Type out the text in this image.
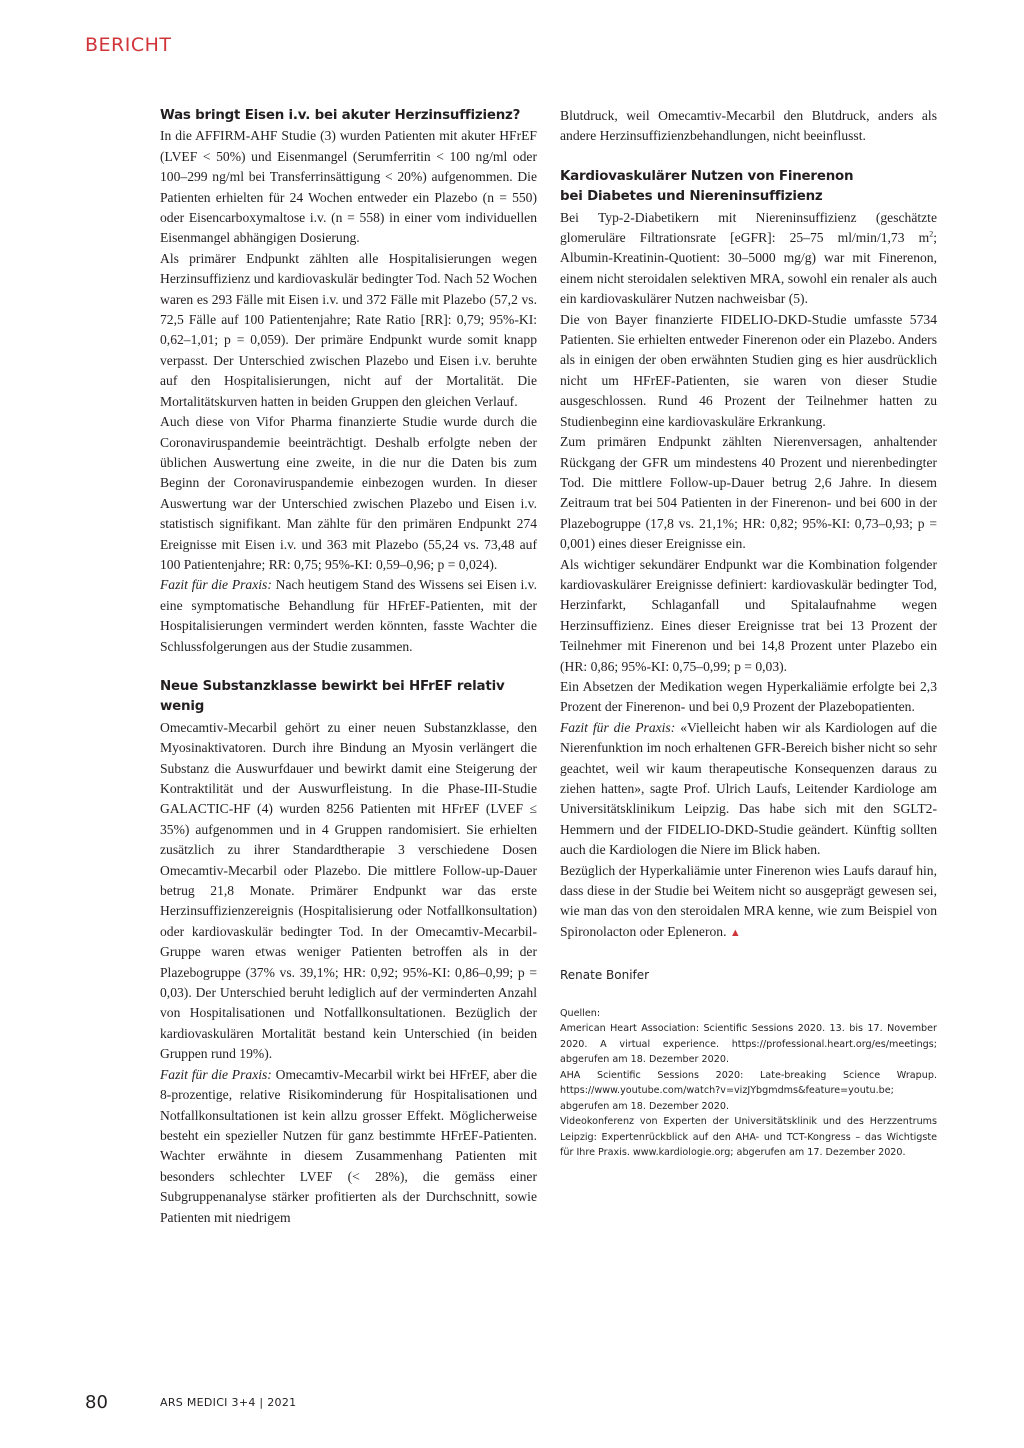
BERICHT
Was bringt Eisen i.v. bei akuter Herzinsuffizienz?

In die AFFIRM-AHF Studie (3) wurden Patienten mit akuter HFrEF (LVEF < 50%) und Eisenmangel (Serumferritin < 100 ng/ml oder 100–299 ng/ml bei Transferrinsättigung < 20%) aufgenommen. Die Patienten erhielten für 24 Wochen entweder ein Plazebo (n = 550) oder Eisencarboxymaltose i.v. (n = 558) in einer vom individuellen Eisenmangel abhängigen Dosierung.

Als primärer Endpunkt zählten alle Hospitalisierungen wegen Herzinsuffizienz und kardiovaskulär bedingter Tod. Nach 52 Wochen waren es 293 Fälle mit Eisen i.v. und 372 Fälle mit Plazebo (57,2 vs. 72,5 Fälle auf 100 Patientenjahre; Rate Ratio [RR]: 0,79; 95%-KI: 0,62–1,01; p = 0,059). Der primäre Endpunkt wurde somit knapp verpasst. Der Unterschied zwischen Plazebo und Eisen i.v. beruhte auf den Hospitalisierungen, nicht auf der Mortalität. Die Mortalitätskurven hatten in beiden Gruppen den gleichen Verlauf.

Auch diese von Vifor Pharma finanzierte Studie wurde durch die Coronaviruspandemie beeinträchtigt. Deshalb erfolgte neben der üblichen Auswertung eine zweite, in die nur die Daten bis zum Beginn der Coronaviruspandemie einbezogen wurden. In dieser Auswertung war der Unterschied zwischen Plazebo und Eisen i.v. statistisch signifikant. Man zählte für den primären Endpunkt 274 Ereignisse mit Eisen i.v. und 363 mit Plazebo (55,24 vs. 73,48 auf 100 Patientenjahre; RR: 0,75; 95%-KI: 0,59–0,96; p = 0,024).

Fazit für die Praxis: Nach heutigem Stand des Wissens sei Eisen i.v. eine symptomatische Behandlung für HFrEF-Patienten, mit der Hospitalisierungen vermindert werden könnten, fasste Wachter die Schlussfolgerungen aus der Studie zusammen.

Neue Substanzklasse bewirkt bei HFrEF relativ wenig

Omecamtiv-Mecarbil gehört zu einer neuen Substanzklasse, den Myosinaktivatoren. Durch ihre Bindung an Myosin verlängert die Substanz die Auswurfdauer und bewirkt damit eine Steigerung der Kontraktilität und der Auswurfleistung. In die Phase-III-Studie GALACTIC-HF (4) wurden 8256 Patienten mit HFrEF (LVEF ≤ 35%) aufgenommen und in 4 Gruppen randomisiert. Sie erhielten zusätzlich zu ihrer Standardtherapie 3 verschiedene Dosen Omecamtiv-Mecarbil oder Plazebo. Die mittlere Follow-up-Dauer betrug 21,8 Monate. Primärer Endpunkt war das erste Herzinsuffizienzereignis (Hospitalisierung oder Notfallkonsultation) oder kardiovaskulär bedingter Tod. In der Omecamtiv-Mecarbil-Gruppe waren etwas weniger Patienten betroffen als in der Plazebogruppe (37% vs. 39,1%; HR: 0,92; 95%-KI: 0,86–0,99; p = 0,03). Der Unterschied beruht lediglich auf der verminderten Anzahl von Hospitalisationen und Notfallkonsultationen. Bezüglich der kardiovaskulären Mortalität bestand kein Unterschied (in beiden Gruppen rund 19%).

Fazit für die Praxis: Omecamtiv-Mecarbil wirkt bei HFrEF, aber die 8-prozentige, relative Risikominderung für Hospitalisationen und Notfallkonsultationen ist kein allzu grosser Effekt. Möglicherweise besteht ein spezieller Nutzen für ganz bestimmte HFrEF-Patienten. Wachter erwähnte in diesem Zusammenhang Patienten mit besonders schlechter LVEF (< 28%), die gemäss einer Subgruppenanalyse stärker profitierten als der Durchschnitt, sowie Patienten mit niedrigem

Blutdruck, weil Omecamtiv-Mecarbil den Blutdruck, anders als andere Herzinsuffizienzbehandlungen, nicht beeinflusst.

Kardiovaskulärer Nutzen von Finerenon
bei Diabetes und Niereninsuffizienz

Bei Typ-2-Diabetikern mit Niereninsuffizienz (geschätzte glomeruläre Filtrationsrate [eGFR]: 25–75 ml/min/1,73 $m^2$; Albumin-Kreatinin-Quotient: 30–5000 mg/g) war mit Finerenon, einem nicht steroidalen selektiven MRA, sowohl ein renaler als auch ein kardiovaskulärer Nutzen nachweisbar (5).

Die von Bayer finanzierte FIDELIO-DKD-Studie umfasste 5734 Patienten. Sie erhielten entweder Finerenon oder ein Plazebo. Anders als in einigen der oben erwähnten Studien ging es hier ausdrücklich nicht um HFrEF-Patienten, sie waren von dieser Studie ausgeschlossen. Rund 46 Prozent der Teilnehmer hatten zu Studienbeginn eine kardiovaskuläre Erkrankung.

Zum primären Endpunkt zählten Nierenversagen, anhaltender Rückgang der GFR um mindestens 40 Prozent und nierenbedingter Tod. Die mittlere Follow-up-Dauer betrug 2,6 Jahre. In diesem Zeitraum trat bei 504 Patienten in der Finerenon- und bei 600 in der Plazebogruppe (17,8 vs. 21,1%; HR: 0,82; 95%-KI: 0,73–0,93; p = 0,001) eines dieser Ereignisse ein.

Als wichtiger sekundärer Endpunkt war die Kombination folgender kardiovaskulärer Ereignisse definiert: kardiovaskulär bedingter Tod, Herzinfarkt, Schlaganfall und Spitalaufnahme wegen Herzinsuffizienz. Eines dieser Ereignisse trat bei 13 Prozent der Teilnehmer mit Finerenon und bei 14,8 Prozent unter Plazebo ein (HR: 0,86; 95%-KI: 0,75–0,99; p = 0,03).

Ein Absetzen der Medikation wegen Hyperkaliämie erfolgte bei 2,3 Prozent der Finerenon- und bei 0,9 Prozent der Plazebopatienten.

Fazit für die Praxis: «Vielleicht haben wir als Kardiologen auf die Nierenfunktion im noch erhaltenen GFR-Bereich bisher nicht so sehr geachtet, weil wir kaum therapeutische Konsequenzen daraus zu ziehen hatten», sagte Prof. Ulrich Laufs, Leitender Kardiologe am Universitätsklinikum Leipzig. Das habe sich mit den SGLT2-Hemmern und der FIDELIO-DKD-Studie geändert. Künftig sollten auch die Kardiologen die Niere im Blick haben.

Bezüglich der Hyperkaliämie unter Finerenon wies Laufs darauf hin, dass diese in der Studie bei Weitem nicht so ausgeprägt gewesen sei, wie man das von den steroidalen MRA kenne, wie zum Beispiel von Spironolacton oder Epleneron. ▲

Renate Bonifer

Quellen:
American Heart Association: Scientific Sessions 2020. 13. bis 17. November 2020. A virtual experience. https://professional.heart.org/es/meetings; abgerufen am 18. Dezember 2020.
AHA Scientific Sessions 2020: Late-breaking Science Wrapup. https://www.youtube.com/watch?v=vizJYbgmdms&feature=youtu.be; abgerufen am 18. Dezember 2020.
Videokonferenz von Experten der Universitätsklinik und des Herzzentrums Leipzig: Expertenrückblick auf den AHA- und TCT-Kongress – das Wichtigste für Ihre Praxis. www.kardiologie.org; abgerufen am 17. Dezember 2020.
80	ARS MEDICI 3+4 | 2021
